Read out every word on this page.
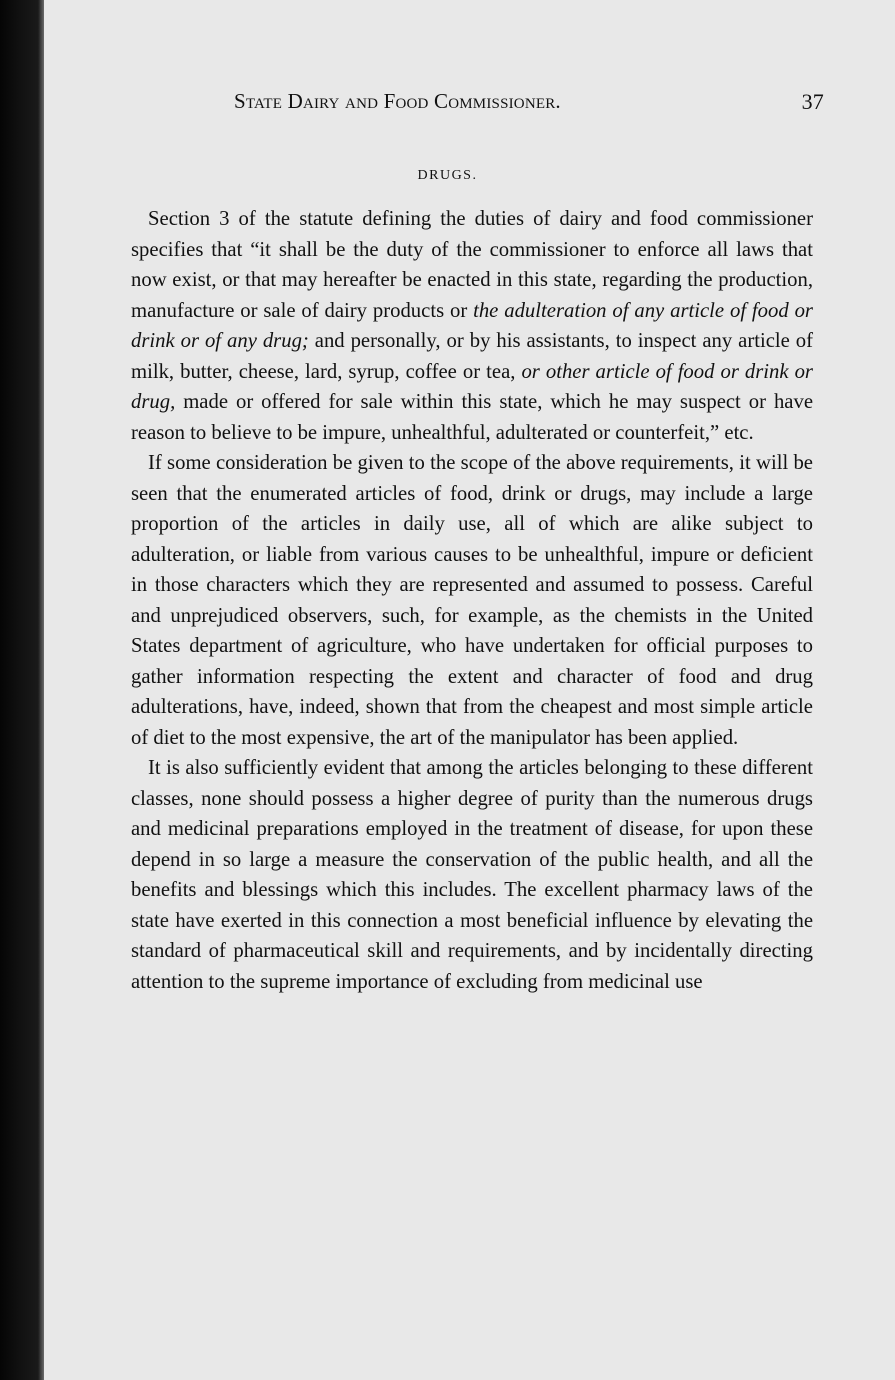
State Dairy and Food Commissioner.	37
DRUGS.

Section 3 of the statute defining the duties of dairy and food commissioner specifies that “it shall be the duty of the commissioner to enforce all laws that now exist, or that may hereafter be enacted in this state, regarding the production, manufacture or sale of dairy products or the adulteration of any article of food or drink or of any drug; and personally, or by his assistants, to inspect any article of milk, butter, cheese, lard, syrup, coffee or tea, or other article of food or drink or drug, made or offered for sale within this state, which he may suspect or have reason to believe to be impure, unhealthful, adulterated or counterfeit,” etc.

If some consideration be given to the scope of the above requirements, it will be seen that the enumerated articles of food, drink or drugs, may include a large proportion of the articles in daily use, all of which are alike subject to adulteration, or liable from various causes to be unhealthful, impure or deficient in those characters which they are represented and assumed to possess. Careful and unprejudiced observers, such, for example, as the chemists in the United States department of agriculture, who have undertaken for official purposes to gather information respecting the extent and character of food and drug adulterations, have, indeed, shown that from the cheapest and most simple article of diet to the most expensive, the art of the manipulator has been applied.

It is also sufficiently evident that among the articles belonging to these different classes, none should possess a higher degree of purity than the numerous drugs and medicinal preparations employed in the treatment of disease, for upon these depend in so large a measure the conservation of the public health, and all the benefits and blessings which this includes. The excellent pharmacy laws of the state have exerted in this connection a most beneficial influence by elevating the standard of pharmaceutical skill and requirements, and by incidentally directing attention to the supreme importance of excluding from medicinal use
